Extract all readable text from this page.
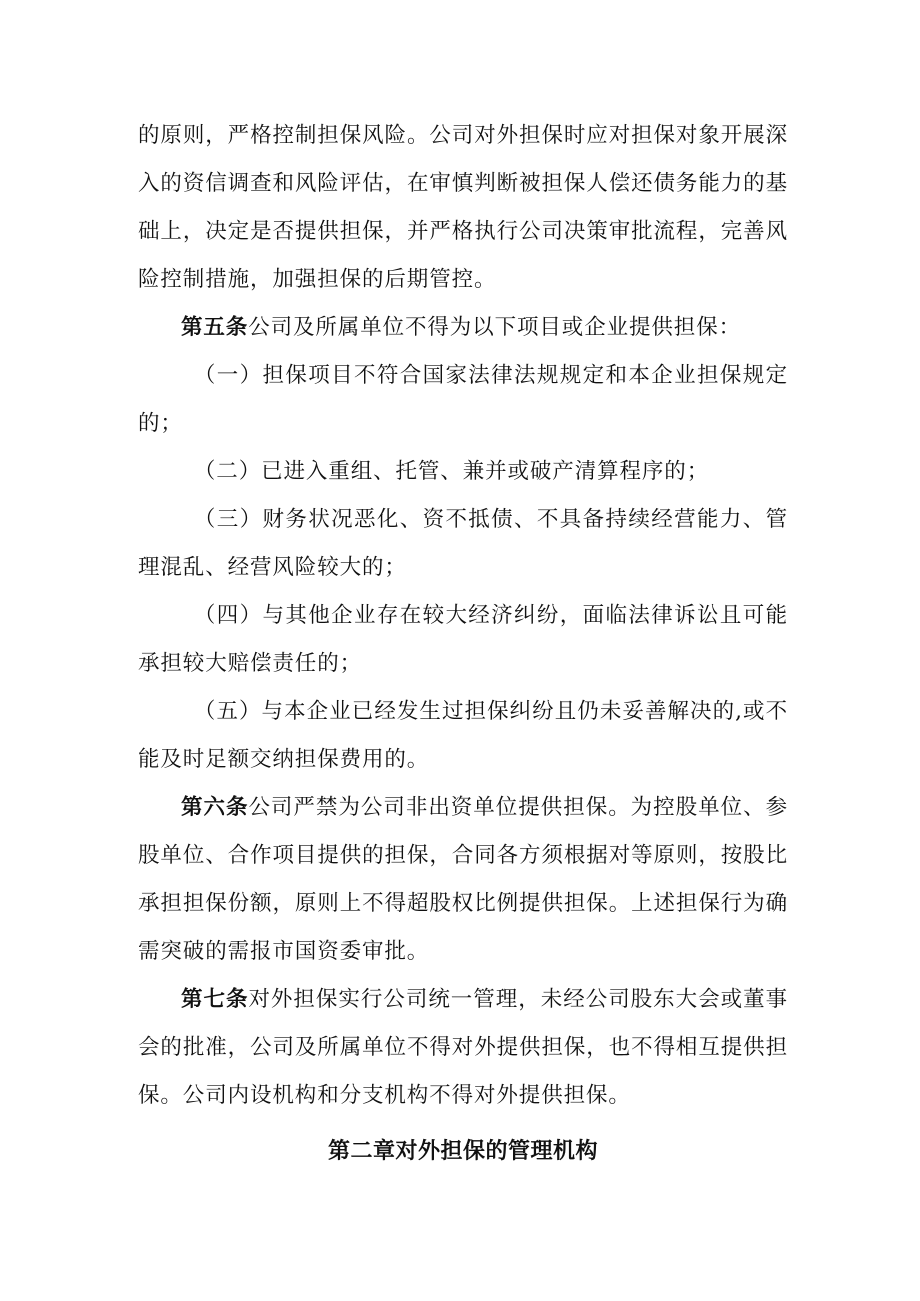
的原则，严格控制担保风险。公司对外担保时应对担保对象开展深入的资信调查和风险评估，在审慎判断被担保人偿还债务能力的基础上，决定是否提供担保，并严格执行公司决策审批流程，完善风险控制措施，加强担保的后期管控。

第五条公司及所属单位不得为以下项目或企业提供担保：

（一）担保项目不符合国家法律法规规定和本企业担保规定的；

（二）已进入重组、托管、兼并或破产清算程序的；

（三）财务状况恶化、资不抵债、不具备持续经营能力、管理混乱、经营风险较大的；

（四）与其他企业存在较大经济纠纷，面临法律诉讼且可能承担较大赔偿责任的；

（五）与本企业已经发生过担保纠纷且仍未妥善解决的,或不能及时足额交纳担保费用的。

第六条公司严禁为公司非出资单位提供担保。为控股单位、参股单位、合作项目提供的担保，合同各方须根据对等原则，按股比承担担保份额，原则上不得超股权比例提供担保。上述担保行为确需突破的需报市国资委审批。

第七条对外担保实行公司统一管理，未经公司股东大会或董事会的批准，公司及所属单位不得对外提供担保，也不得相互提供担保。公司内设机构和分支机构不得对外提供担保。

第二章对外担保的管理机构
